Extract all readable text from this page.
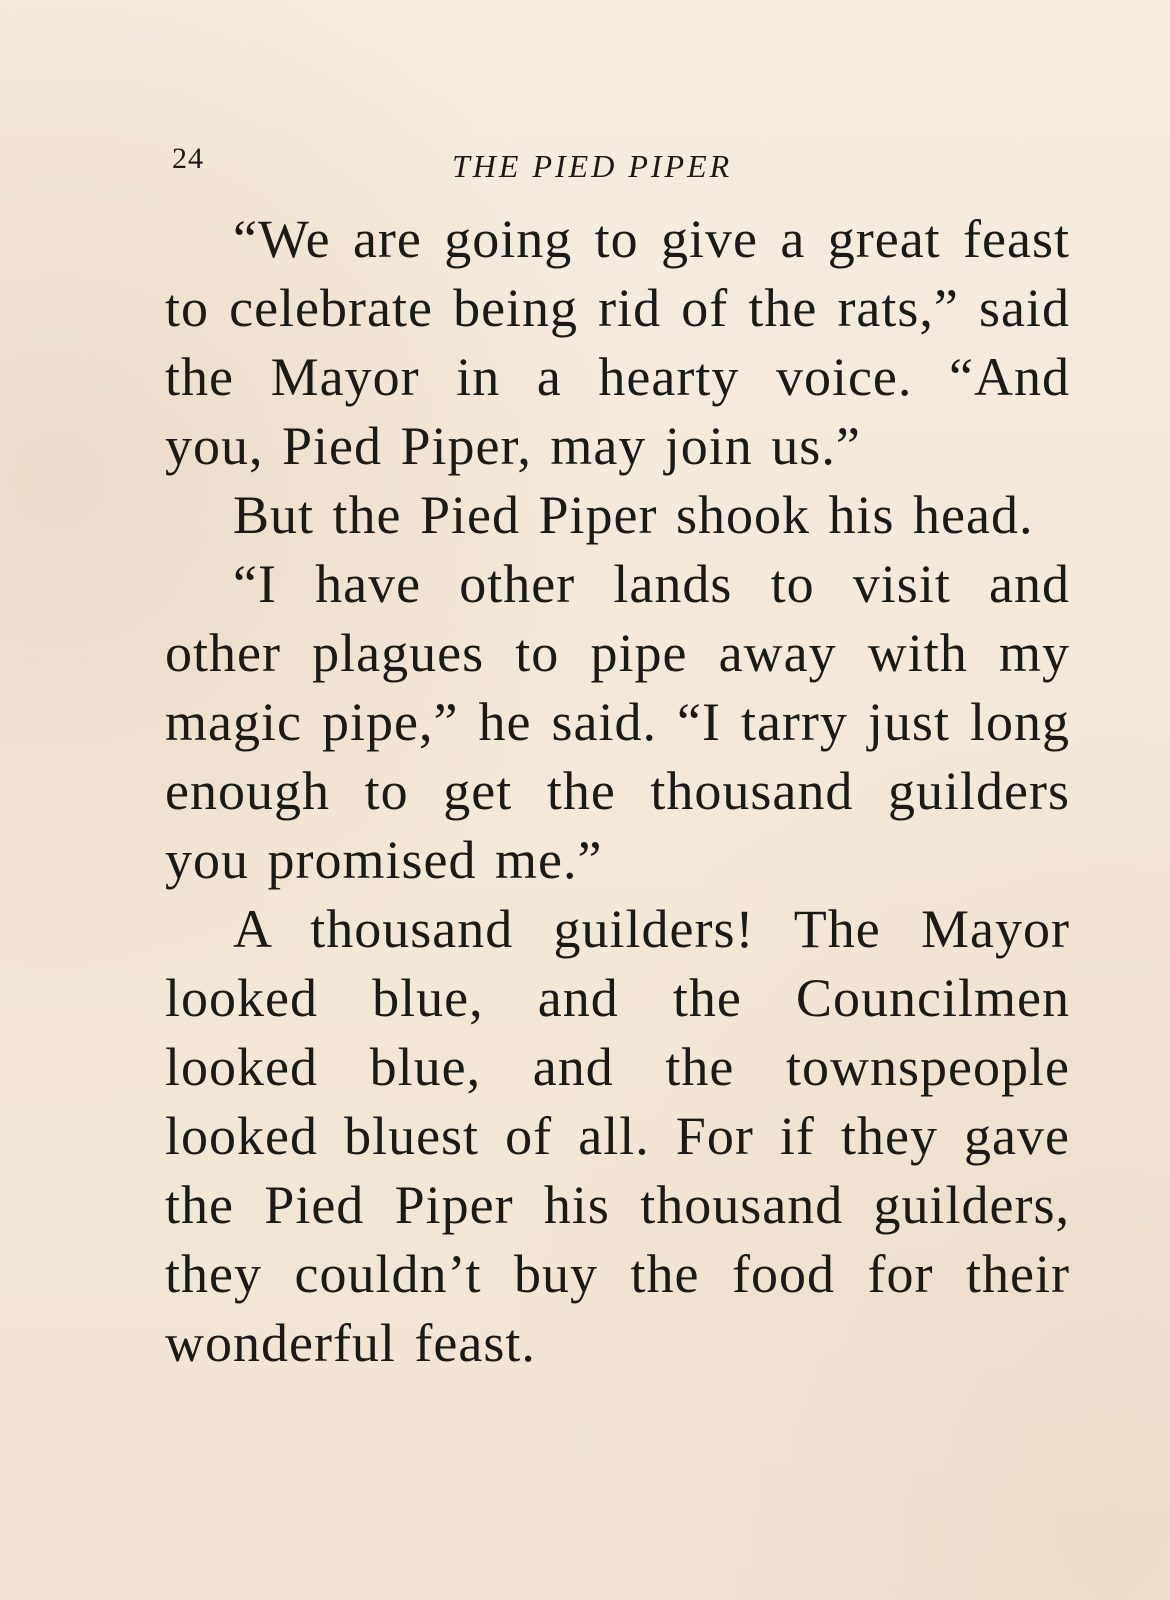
24	THE PIED PIPER

“We are going to give a great feast to celebrate being rid of the rats,” said the Mayor in a hearty voice. “And you, Pied Piper, may join us.”

But the Pied Piper shook his head.

“I have other lands to visit and other plagues to pipe away with my magic pipe,” he said. “I tarry just long enough to get the thousand guilders you promised me.”

A thousand guilders! The Mayor looked blue, and the Councilmen looked blue, and the townspeople looked bluest of all. For if they gave the Pied Piper his thousand guilders, they couldn’t buy the food for their wonderful feast.
